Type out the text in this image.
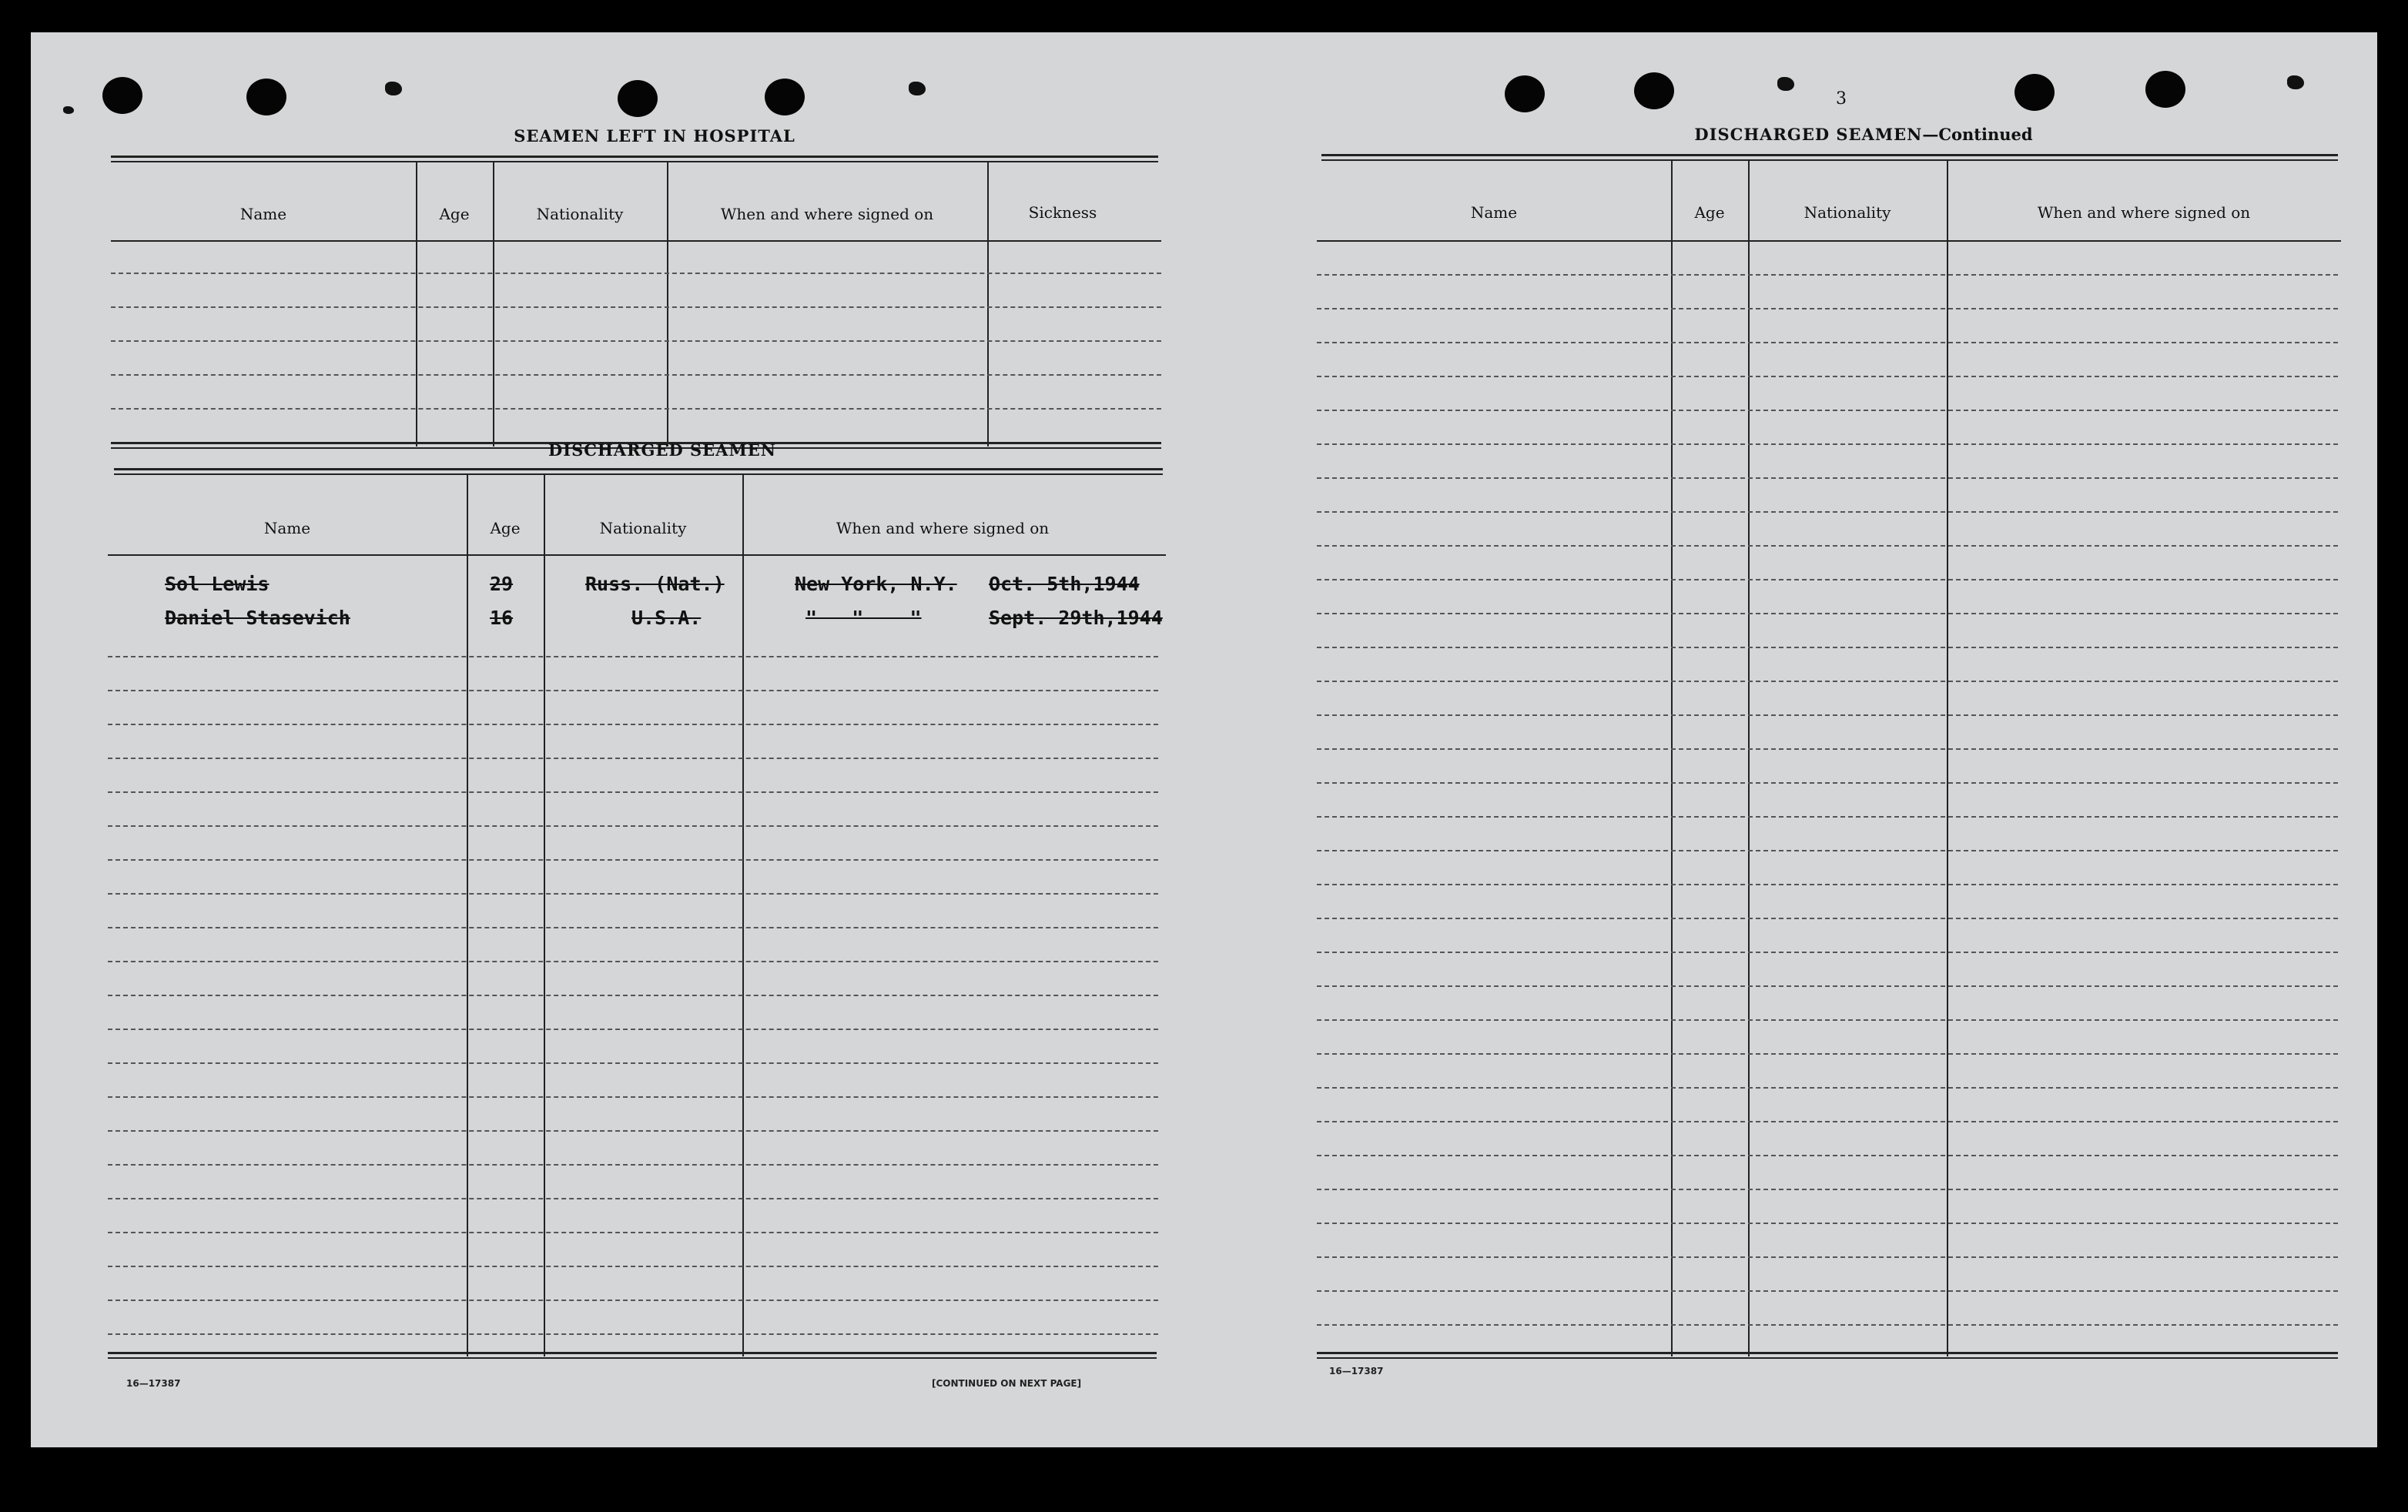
SEAMEN LEFT IN HOSPITAL
Name	Age	Nationality	When and where signed on	Sickness
DISCHARGED SEAMEN
Name	Age	Nationality	When and where signed on
Sol Lewis	29	Russ. (Nat.)	New York, N.Y. Oct. 5th,1944
Daniel Stasevich	16	U.S.A.	"   "    "	Sept. 29th,1944
16—17387	[CONTINUED ON NEXT PAGE]
3
DISCHARGED SEAMEN—Continued
Name	Age	Nationality	When and where signed on
16—17387
